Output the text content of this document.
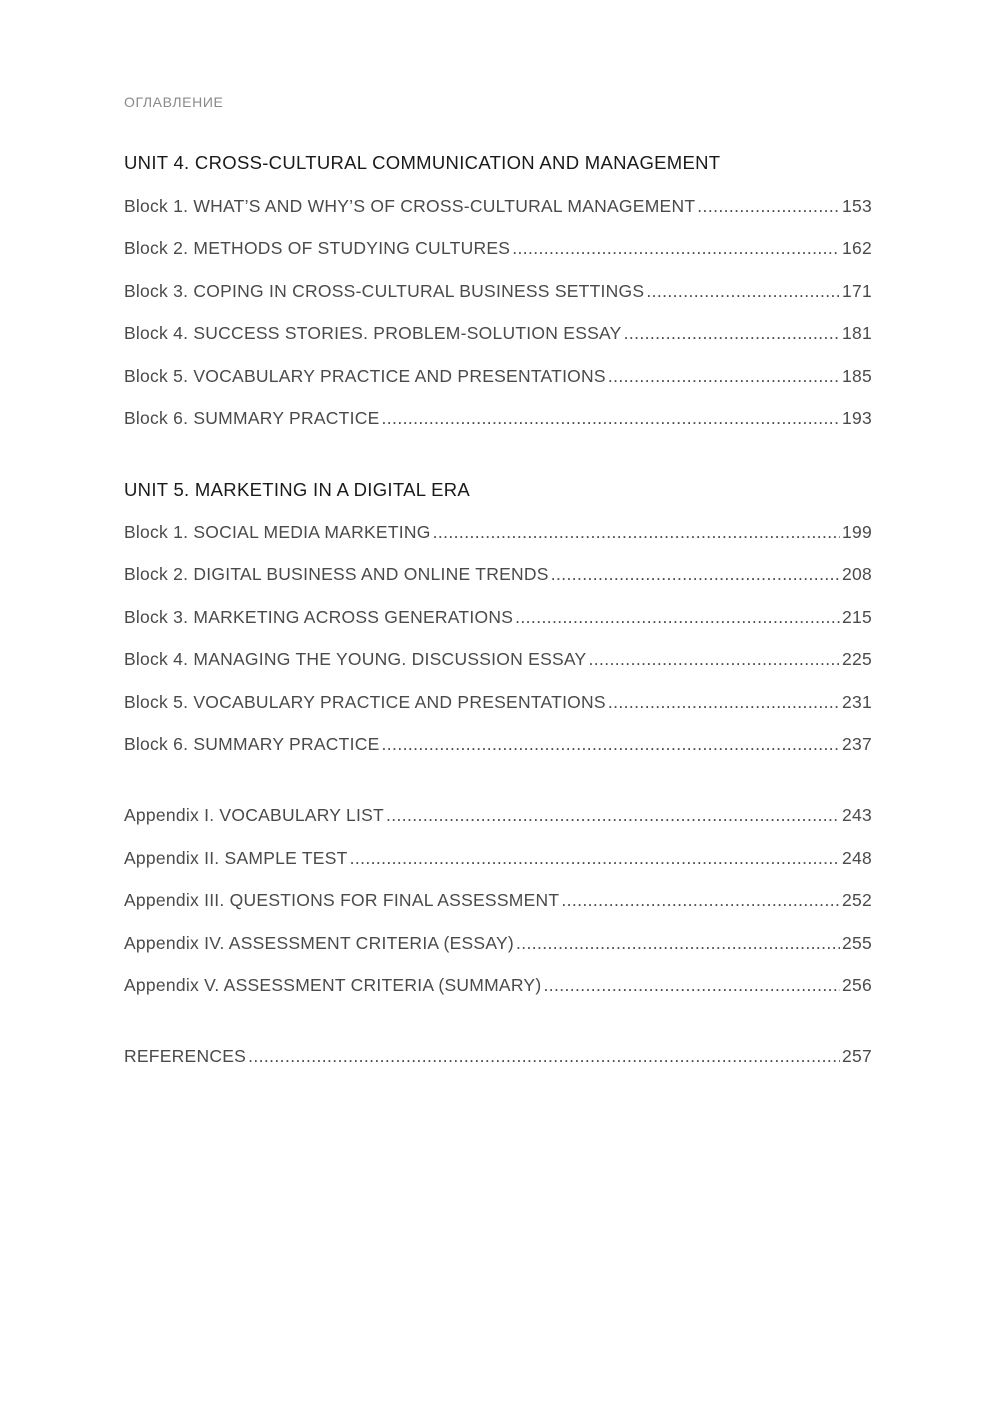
ОГЛАВЛЕНИЕ
UNIT 4. CROSS-CULTURAL COMMUNICATION AND MANAGEMENT
Block 1. WHAT’S AND WHY’S OF CROSS-CULTURAL MANAGEMENT .....	153
Block 2. METHODS OF STUDYING CULTURES .....	162
Block 3. COPING IN CROSS-CULTURAL BUSINESS SETTINGS .....	171
Block 4. SUCCESS STORIES. PROBLEM-SOLUTION ESSAY .....	181
Block 5. VOCABULARY PRACTICE AND PRESENTATIONS .....	185
Block 6. SUMMARY PRACTICE .....	193
UNIT 5. MARKETING IN A DIGITAL ERA
Block 1. SOCIAL MEDIA MARKETING .....	199
Block 2. DIGITAL BUSINESS AND ONLINE TRENDS .....	208
Block 3. MARKETING ACROSS GENERATIONS .....	215
Block 4. MANAGING THE YOUNG. DISCUSSION ESSAY .....	225
Block 5. VOCABULARY PRACTICE AND PRESENTATIONS .....	231
Block 6. SUMMARY PRACTICE .....	237
Appendix I. VOCABULARY LIST .....	243
Appendix II. SAMPLE TEST .....	248
Appendix III. QUESTIONS FOR FINAL ASSESSMENT .....	252
Appendix IV. ASSESSMENT CRITERIA (ESSAY) .....	255
Appendix V. ASSESSMENT CRITERIA (SUMMARY) .....	256
REFERENCES .....	257
